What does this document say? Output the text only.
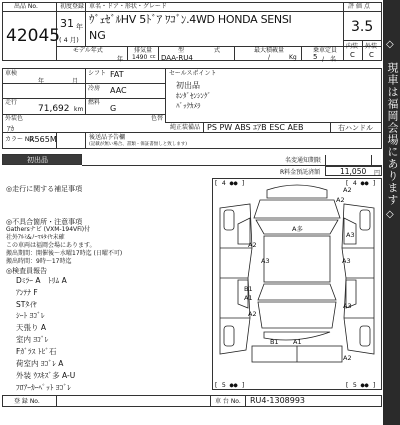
出品 No.
42045
初度登録
31 年
( 4 月)
車名・ドア・形状・グレード
ｳﾞｪｾﾞﾙHV 5ﾄﾞｱ ﾜｺﾞﾝ.4WD HONDA SENSI
NG
評 価 点
3.5
内装 外装
C C
モデル年式
年
排気量
1490 cc
型	式
DAA-RU4
最大積載量
/	Kg
乗車定員
5 /　名
車検
年	月
シフト FAT
冷房 AAC
走行
71,692 km
燃料
G
外装色
ｱｶ
色替
カラー No.
R565M	後送品予告欄
(記載が無い場合、書類・保証書無しと致します)
セールスポイント
初出品
ﾎﾝﾀﾞｾﾝｼﾝｸﾞ
ﾊﾞｯｸｶﾒﾗ
純正装備品 PS PW ABS ｴｱB ESC AEB	右ハンドル
初出品	名変通知期限
R料金預託済額	11,050 円
◎走行に関する補足事項
◎不具合箇所・注意事項
Gathersナビ (VXM-194VFi)付
社外ｱﾙﾐ&ﾉｰﾏﾙﾀｲﾔ未確
この車両は福岡会場にあります。
搬出期間：開催後～水曜17時迄 (日曜不可)
搬出時間：9時～17時迄
◎検査員報告
Dﾐﾗｰ A　ﾄﾘﾑ A
ｱﾝﾃﾅ F
STﾀｲﾔ
ｼｰﾄ ﾖｺﾞﾚ
天張り A
室内 ﾖｺﾞﾚ
Fｶﾞﾗｽ ﾄﾋﾞ石
荷室内 ﾖｺﾞﾚ A
外装 ｳｽｷｽﾞ多 A-U
ﾌﾛｱｰｶｰﾍﾟｯﾄ ﾖｺﾞﾚ
[ 4 ●● ]	[ 4 ●● ]
[ 5 ●● ]	[ 5 ●● ]
A2
A2
A多
A2
A3
A3	A3
B1
A1
A2
A3
B1 A1
A2
登 録 No.	車 台 No. RU4-1308993
◇
現車は福岡会場にあります
◇
